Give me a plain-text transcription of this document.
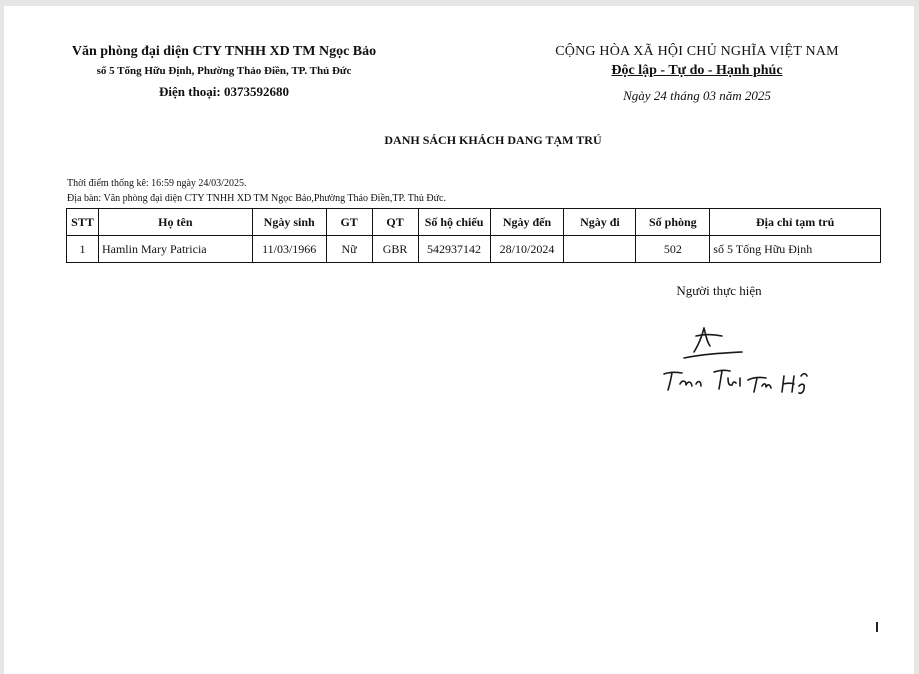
Văn phòng đại diện CTY TNHH XD TM Ngọc Bảo
số 5 Tống Hữu Định, Phường Thảo Điền, TP. Thủ Đức
Điện thoại: 0373592680
CỘNG HÒA XÃ HỘI CHỦ NGHĨA VIỆT NAM
Độc lập - Tự do - Hạnh phúc
Ngày 24 tháng 03 năm 2025
DANH SÁCH KHÁCH DANG TẠM TRÚ
Thời điểm thống kê: 16:59 ngày 24/03/2025.
Địa bàn: Văn phòng đại diện CTY TNHH XD TM Ngọc Bảo,Phường Thảo Điền,TP. Thủ Đức.
STT	Họ tên	Ngày sinh	GT	QT	Số hộ chiếu	Ngày đến	Ngày đi	Số phòng	Địa chỉ tạm trú
1	Hamlin Mary Patricia	11/03/1966	Nữ	GBR	542937142	28/10/2024		502	số 5 Tống Hữu Định
Người thực hiện
Trần Thị Thu Hằng
